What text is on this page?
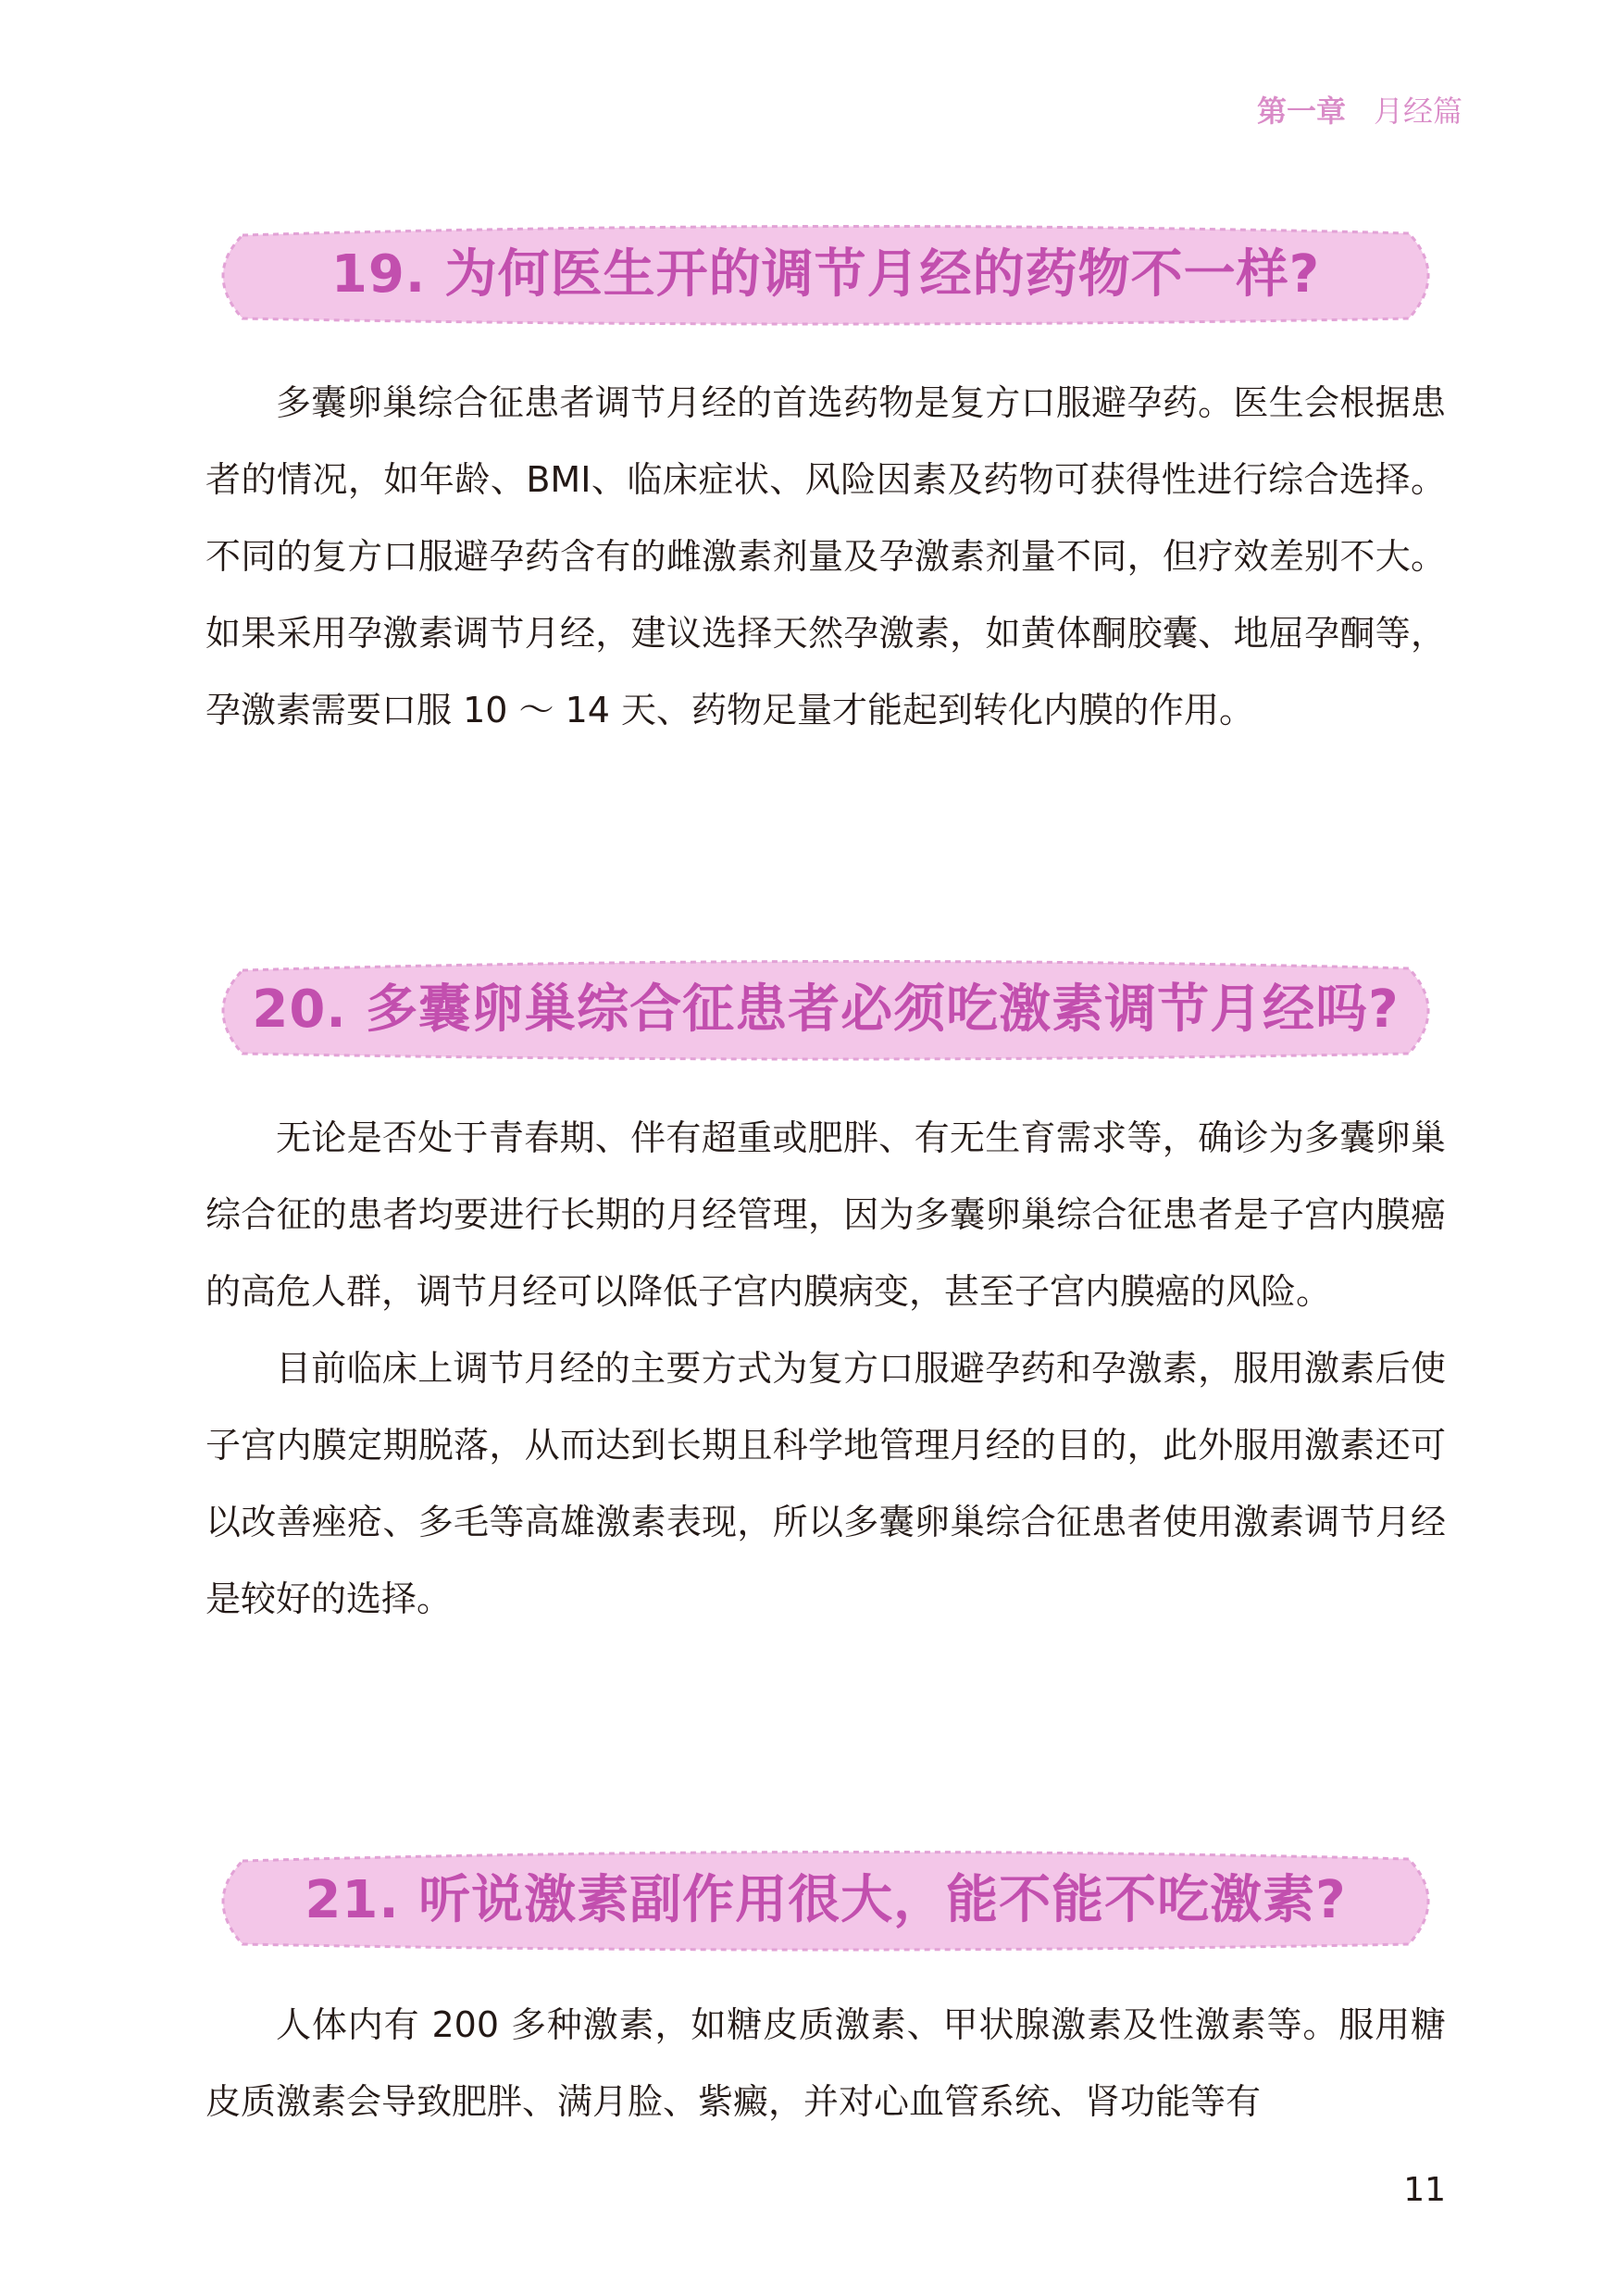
第一章 月经篇
19. 为何医生开的调节月经的药物不一样?

多囊卵巢综合征患者调节月经的首选药物是复方口服避孕药。医生会根据患者的情况，如年龄、BMI、临床症状、风险因素及药物可获得性进行综合选择。不同的复方口服避孕药含有的雌激素剂量及孕激素剂量不同，但疗效差别不大。如果采用孕激素调节月经，建议选择天然孕激素，如黄体酮胶囊、地屈孕酮等，孕激素需要口服 10 ～ 14 天、药物足量才能起到转化内膜的作用。

20. 多囊卵巢综合征患者必须吃激素调节月经吗?

无论是否处于青春期、伴有超重或肥胖、有无生育需求等，确诊为多囊卵巢综合征的患者均要进行长期的月经管理，因为多囊卵巢综合征患者是子宫内膜癌的高危人群，调节月经可以降低子宫内膜病变，甚至子宫内膜癌的风险。

目前临床上调节月经的主要方式为复方口服避孕药和孕激素，服用激素后使子宫内膜定期脱落，从而达到长期且科学地管理月经的目的，此外服用激素还可以改善痤疮、多毛等高雄激素表现，所以多囊卵巢综合征患者使用激素调节月经是较好的选择。

21. 听说激素副作用很大，能不能不吃激素?

人体内有 200 多种激素，如糖皮质激素、甲状腺激素及性激素等。服用糖皮质激素会导致肥胖、满月脸、紫癜，并对心血管系统、肾功能等有

11
